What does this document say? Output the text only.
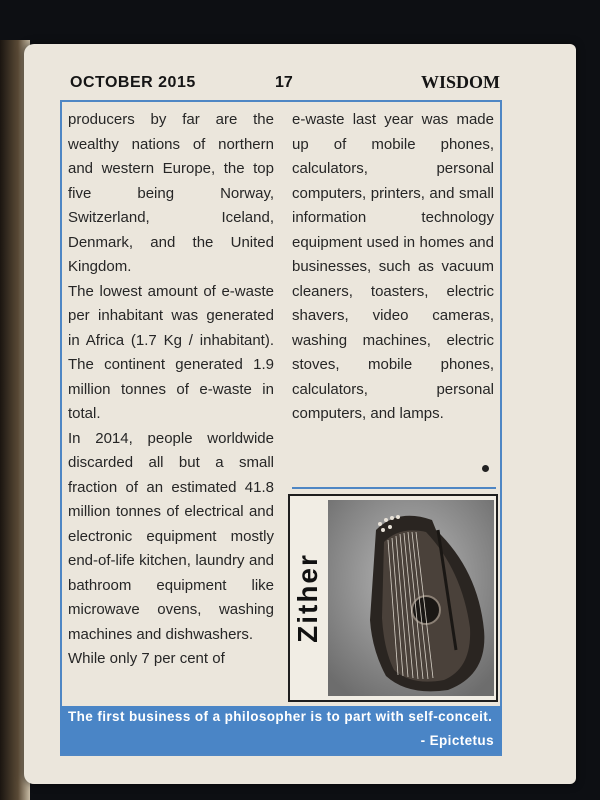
OCTOBER 2015	17	WISDOM

producers by far are the wealthy nations of northern and western Europe, the top five being Norway, Switzerland, Iceland, Denmark, and the United Kingdom.

The lowest amount of e-waste per inhabitant was generated in Africa (1.7 Kg / inhabitant). The continent generated 1.9 million tonnes of e-waste in total.

In 2014, people worldwide discarded all but a small fraction of an estimated 41.8 million tonnes of electrical and electronic equipment mostly end-of-life kitchen, laundry and bathroom equipment like microwave ovens, washing machines and dishwashers.

While only 7 per cent of

e-waste last year was made up of mobile phones, calculators, personal computers, printers, and small information technology equipment used in homes and businesses, such as vacuum cleaners, toasters, electric shavers, video cameras, washing machines, electric stoves, mobile phones, calculators, personal computers, and lamps.

Zither
The first business of a philosopher is to part with self-conceit.
- Epictetus
